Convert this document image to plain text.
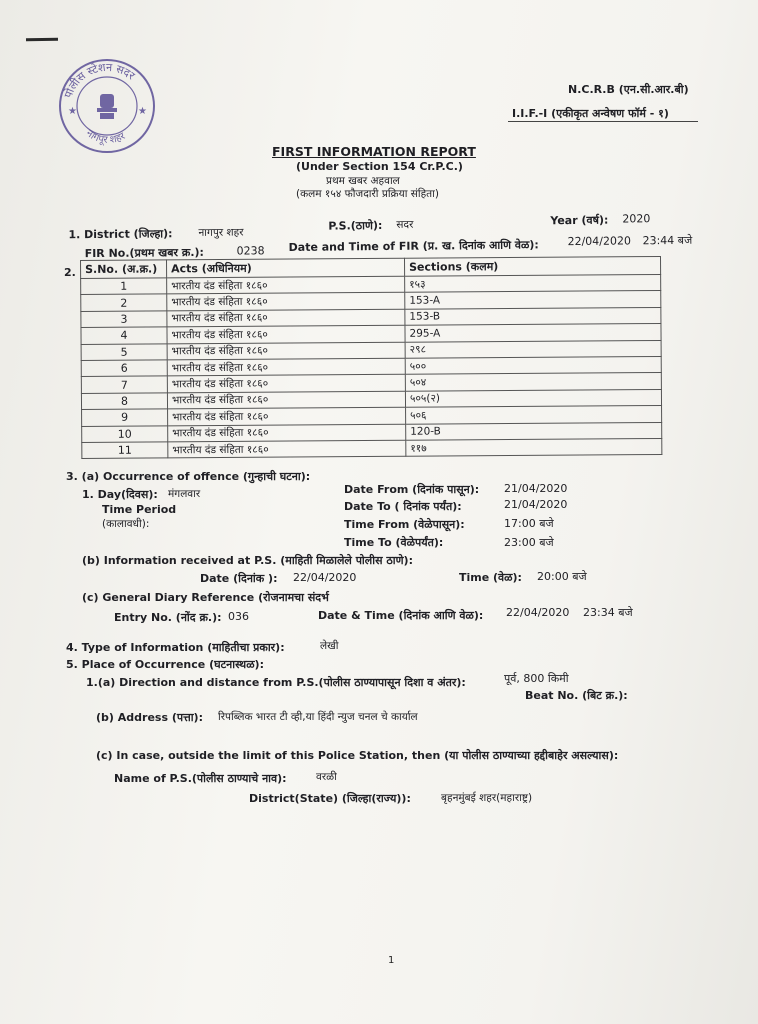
पोलीस स्टेशन सदर
नागपूर शहर
★	★
N.C.R.B (एन.सी.आर.बी)
I.I.F.-I (एकीकृत अन्वेषण फॉर्म - १)
FIRST INFORMATION REPORT
(Under Section 154 Cr.P.C.)
प्रथम खबर अहवाल
(कलम १५४ फौजदारी प्रक्रिया संहिता)
1. District (जिल्हा): नागपुर शहर
P.S.(ठाणे): सदर	Year (वर्ष): 2020
FIR No.(प्रथम खबर क्र.):	0238 Date and Time of FIR (प्र. ख. दिनांक आणि वेळ):	22/04/2020 23:44 बजे
2. S.No. (अ.क्र.)	Acts (अधिनियम)	Sections (कलम)
1	भारतीय दंड संहिता १८६०	१५३
2	भारतीय दंड संहिता १८६०	153-A
3	भारतीय दंड संहिता १८६०	153-B
4	भारतीय दंड संहिता १८६०	295-A
5	भारतीय दंड संहिता १८६०	२९८
6	भारतीय दंड संहिता १८६०	५००
7	भारतीय दंड संहिता १८६०	५०४
8	भारतीय दंड संहिता १८६०	५०५(२)
9	भारतीय दंड संहिता १८६०	५०६
10	भारतीय दंड संहिता १८६०	120-B
11	भारतीय दंड संहिता १८६०	११७
3. (a) Occurrence of offence (गुन्हाची घटना):
1. Day(दिवस): मंगलवार
Time Period
(कालावधी):
Date From (दिनांक पासून): 21/04/2020
Date To ( दिनांक पर्यंत):	21/04/2020
Time From (वेळेपासून):	17:00 बजे
Time To (वेळेपर्यंत):	23:00 बजे
(b) Information received at P.S. (माहिती मिळालेले पोलीस ठाणे):
Date (दिनांक ): 22/04/2020	Time (वेळ): 20:00 बजे
(c) General Diary Reference (रोजनामचा संदर्भ
Entry No. (नोंद क्र.): 036	Date & Time (दिनांक आणि वेळ): 22/04/2020 23:34 बजे
4. Type of Information (माहितीचा प्रकार):	लेखी
5. Place of Occurrence (घटनास्थळ):
1.(a) Direction and distance from P.S.(पोलीस ठाण्यापासून दिशा व अंतर):	पूर्व, 800 किमी
Beat No. (बिट क्र.):
(b) Address (पत्ता): रिपब्लिक भारत टी व्ही,या हिंदी न्युज चनल चे कार्याल
(c) In case, outside the limit of this Police Station, then (या पोलीस ठाण्याच्या हद्दीबाहेर असल्यास):
Name of P.S.(पोलीस ठाण्याचे नाव):	वरळी
District(State) (जिल्हा(राज्य)):	बृहनमुंबई शहर(महाराष्ट्र)
1
